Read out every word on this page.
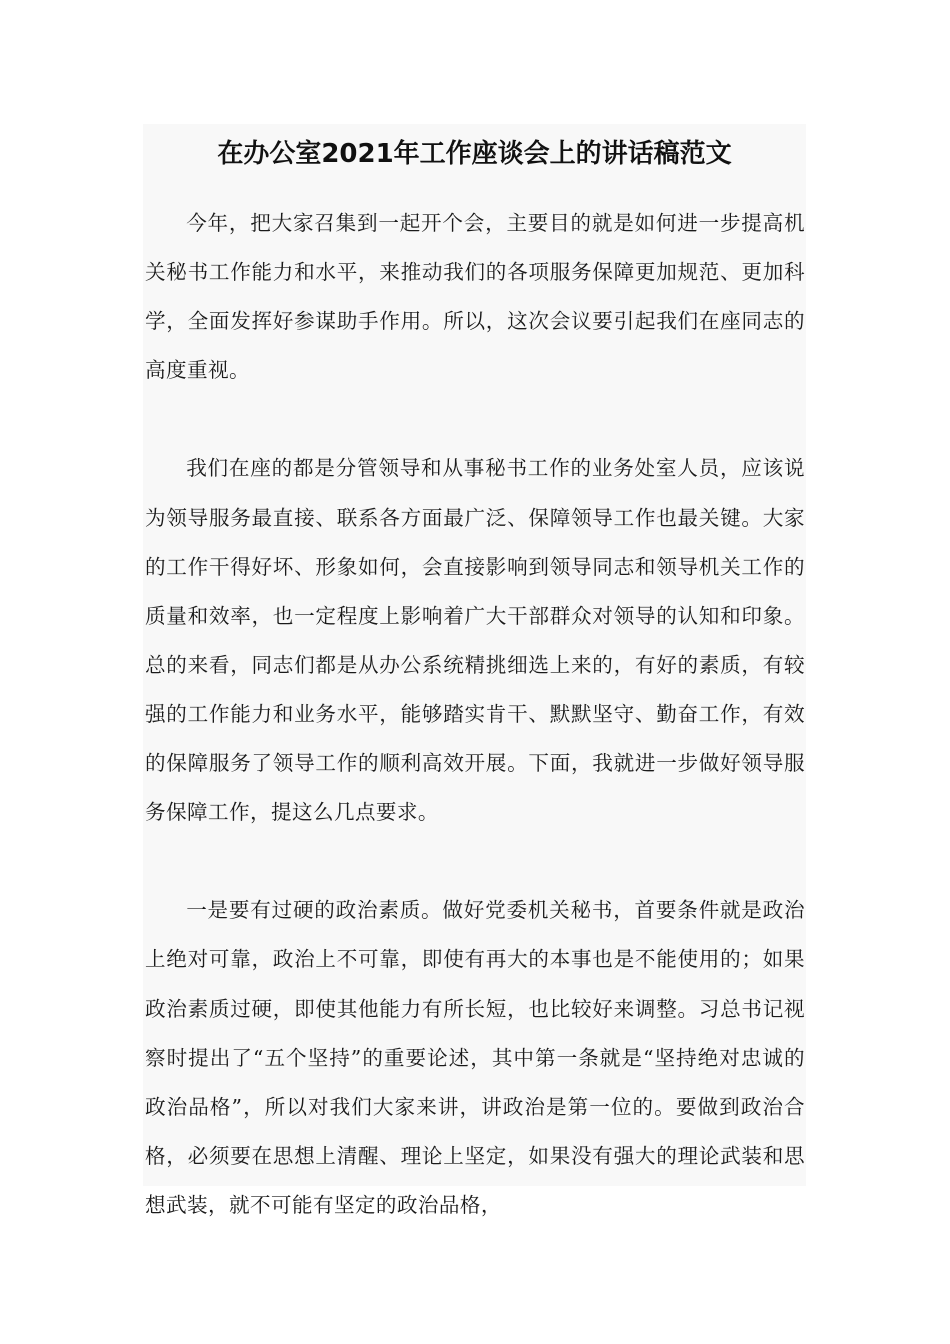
在办公室2021年工作座谈会上的讲话稿范文

今年，把大家召集到一起开个会，主要目的就是如何进一步提高机关秘书工作能力和水平，来推动我们的各项服务保障更加规范、更加科学，全面发挥好参谋助手作用。所以，这次会议要引起我们在座同志的高度重视。

我们在座的都是分管领导和从事秘书工作的业务处室人员，应该说为领导服务最直接、联系各方面最广泛、保障领导工作也最关键。大家的工作干得好坏、形象如何，会直接影响到领导同志和领导机关工作的质量和效率，也一定程度上影响着广大干部群众对领导的认知和印象。总的来看，同志们都是从办公系统精挑细选上来的，有好的素质，有较强的工作能力和业务水平，能够踏实肯干、默默坚守、勤奋工作，有效的保障服务了领导工作的顺利高效开展。下面，我就进一步做好领导服务保障工作，提这么几点要求。

一是要有过硬的政治素质。做好党委机关秘书，首要条件就是政治上绝对可靠，政治上不可靠，即使有再大的本事也是不能使用的；如果政治素质过硬，即使其他能力有所长短，也比较好来调整。习总书记视察时提出了“五个坚持”的重要论述，其中第一条就是“坚持绝对忠诚的政治品格”，所以对我们大家来讲，讲政治是第一位的。要做到政治合格，必须要在思想上清醒、理论上坚定，如果没有强大的理论武装和思想武装，就不可能有坚定的政治品格，
